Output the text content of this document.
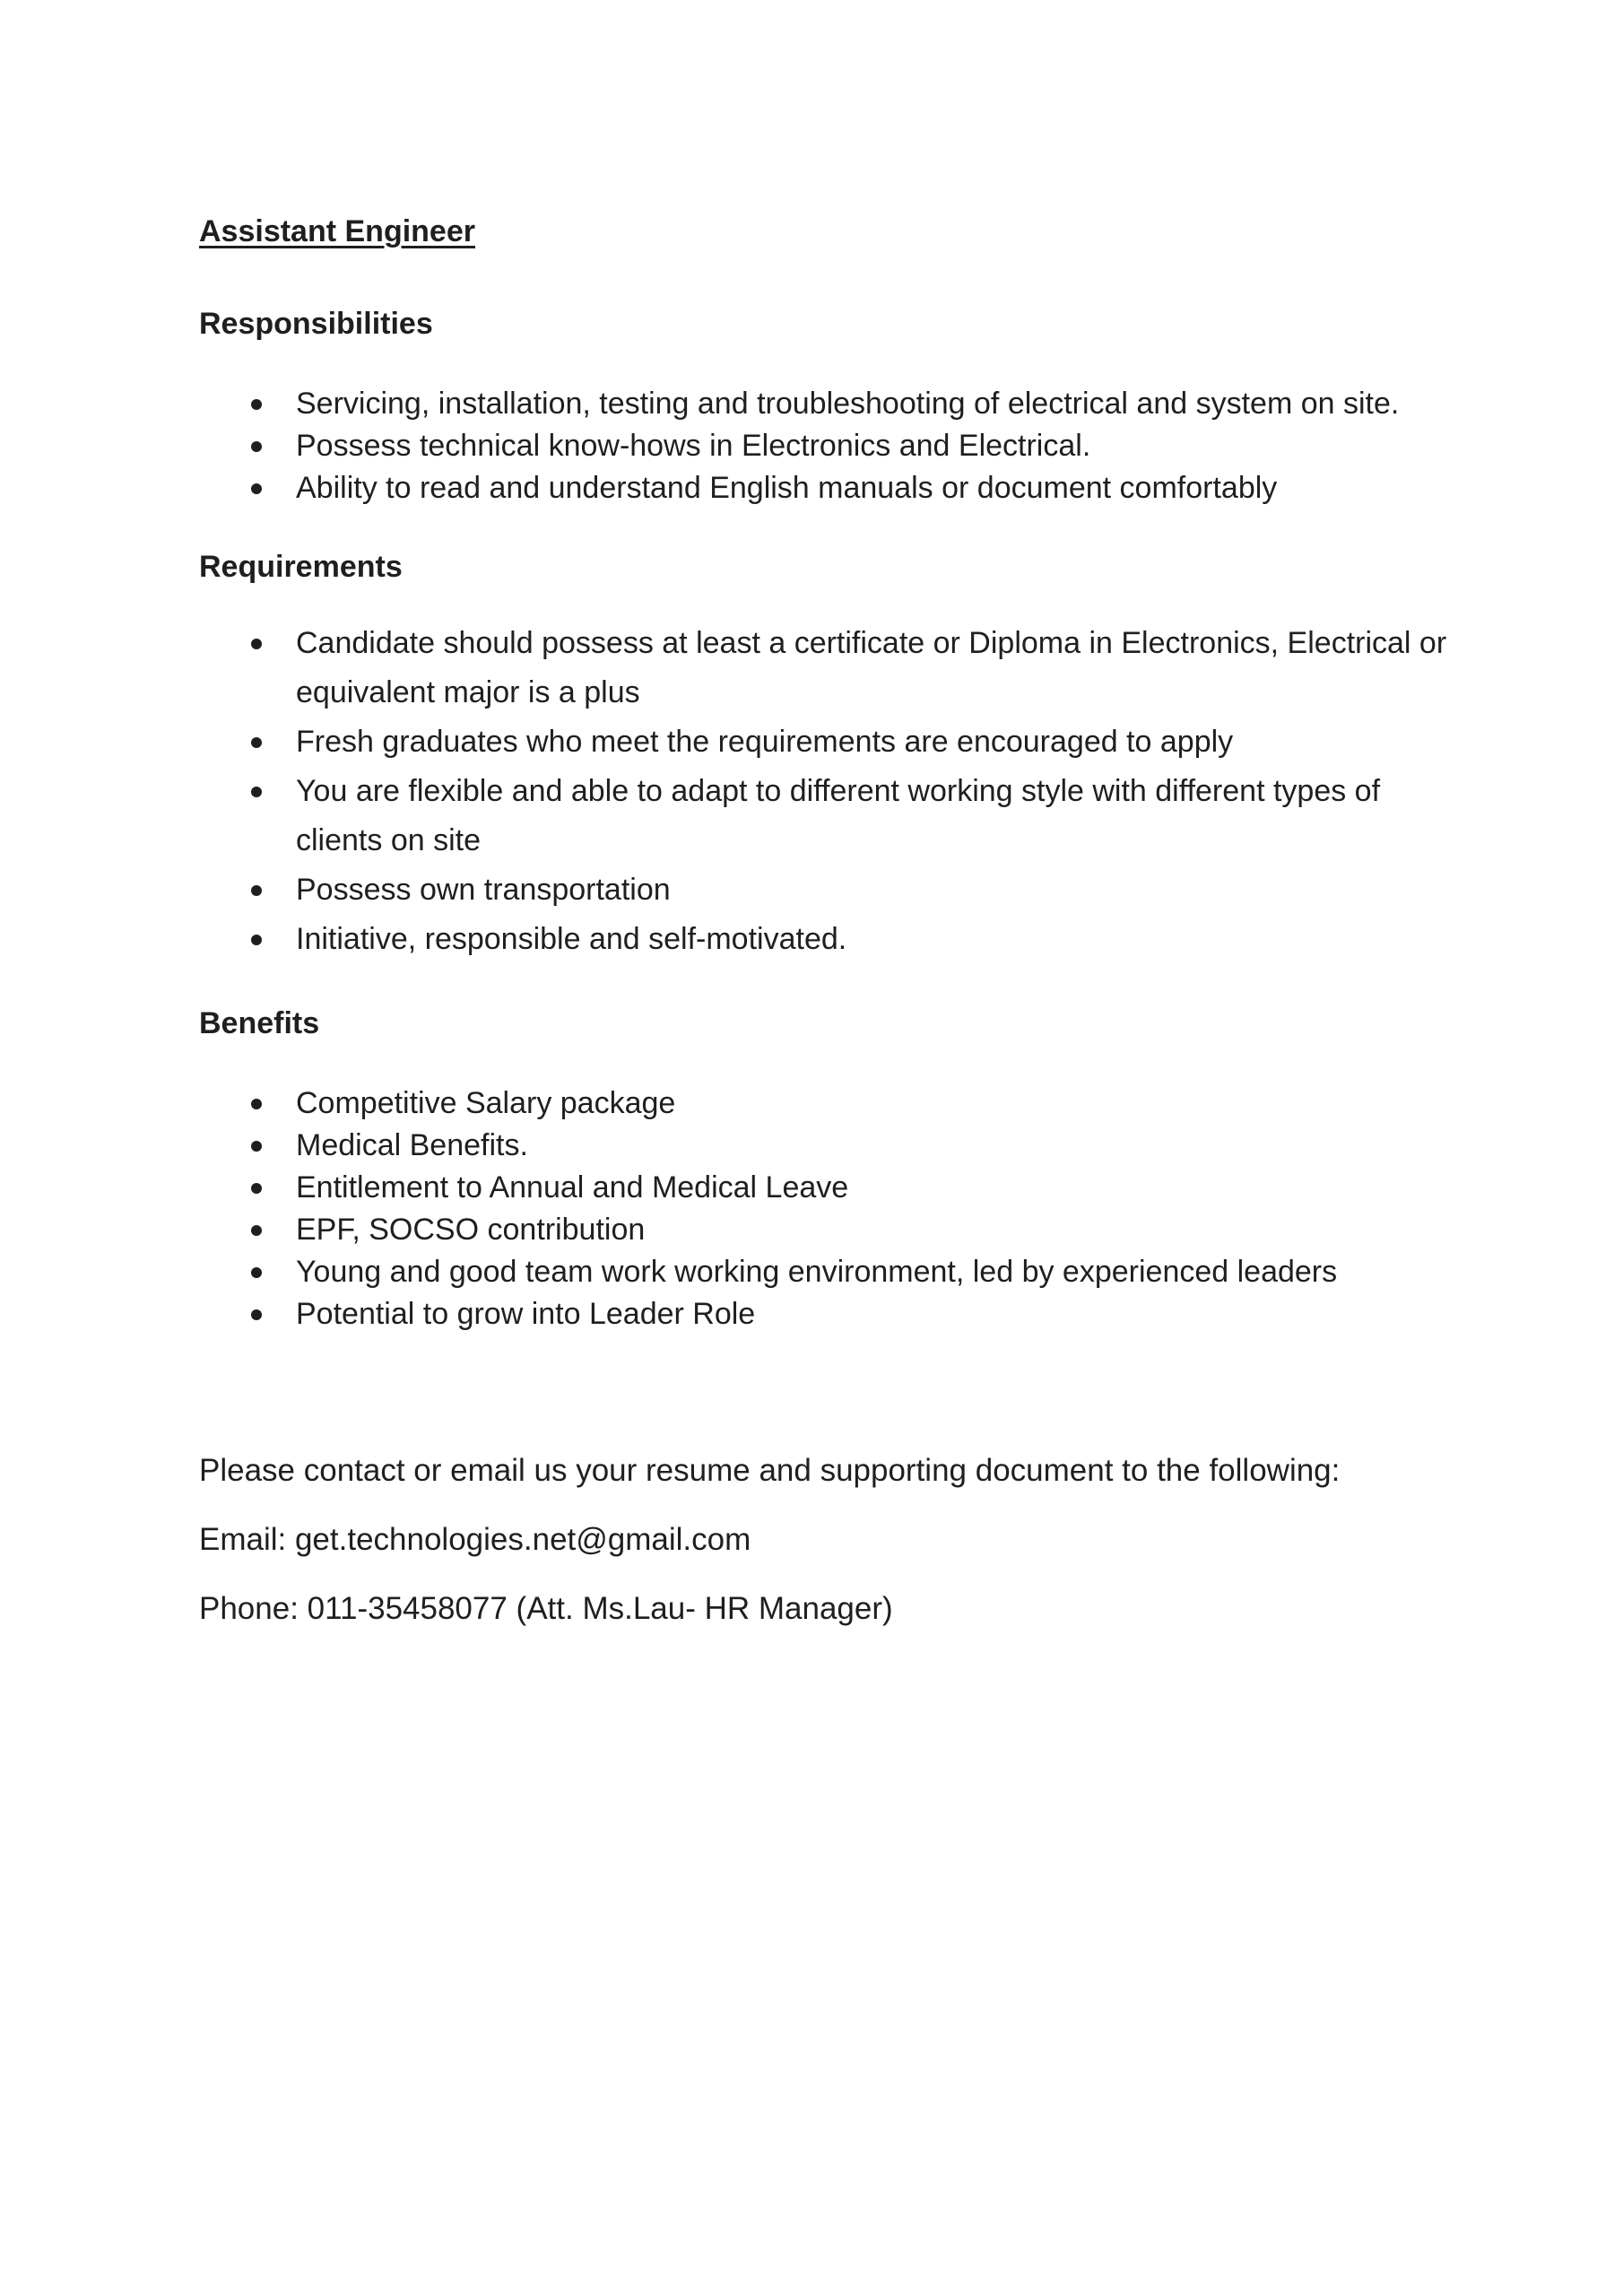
Assistant Engineer
Responsibilities
Servicing, installation, testing and troubleshooting of electrical and system on site.
Possess technical know-hows in Electronics and Electrical.
Ability to read and understand English manuals or document comfortably
Requirements
Candidate should possess at least a certificate or Diploma in Electronics, Electrical or equivalent major is a plus
Fresh graduates who meet the requirements are encouraged to apply
You are flexible and able to adapt to different working style with different types of clients on site
Possess own transportation
Initiative, responsible and self-motivated.
Benefits
Competitive Salary package
Medical Benefits.
Entitlement to Annual and Medical Leave
EPF, SOCSO contribution
Young and good team work working environment, led by experienced leaders
Potential to grow into Leader Role

Please contact or email us your resume and supporting document to the following:

Email: get.technologies.net@gmail.com

Phone: 011-35458077 (Att. Ms.Lau- HR Manager)
